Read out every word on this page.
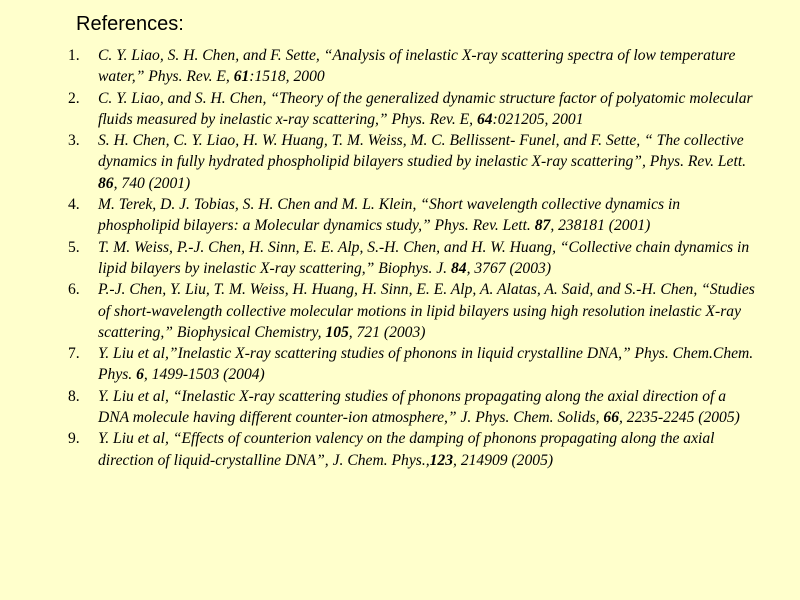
References:
1. C. Y. Liao, S. H. Chen, and F. Sette, “Analysis of inelastic X-ray scattering spectra of low temperature water,” Phys. Rev. E, 61:1518, 2000
2. C. Y. Liao, and S. H. Chen, “Theory of the generalized dynamic structure factor of polyatomic molecular fluids measured by inelastic x-ray scattering,” Phys. Rev. E, 64:021205, 2001
3. S. H. Chen, C. Y. Liao, H. W. Huang, T. M. Weiss, M. C. Bellissent- Funel, and F. Sette, “ The collective dynamics in fully hydrated phospholipid bilayers studied by inelastic X-ray scattering”, Phys. Rev. Lett. 86, 740 (2001)
4. M. Terek, D. J. Tobias, S. H. Chen and M. L. Klein, “Short wavelength collective dynamics in phospholipid bilayers: a Molecular dynamics study,” Phys. Rev. Lett. 87, 238181 (2001)
5. T. M. Weiss, P.-J. Chen, H. Sinn, E. E. Alp, S.-H. Chen, and H. W. Huang, “Collective chain dynamics in lipid bilayers by inelastic X-ray scattering,” Biophys. J. 84, 3767 (2003)
6. P.-J. Chen, Y. Liu, T. M. Weiss, H. Huang, H. Sinn, E. E. Alp, A. Alatas, A. Said, and S.-H. Chen, “Studies of short-wavelength collective molecular motions in lipid bilayers using high resolution inelastic X-ray scattering,” Biophysical Chemistry, 105, 721 (2003)
7. Y. Liu et al,”Inelastic X-ray scattering studies of phonons in liquid crystalline DNA,” Phys. Chem.Chem. Phys. 6, 1499-1503 (2004)
8. Y. Liu et al, “Inelastic X-ray scattering studies of phonons propagating along the axial direction of a DNA molecule having different counter-ion atmosphere,” J. Phys. Chem. Solids, 66, 2235-2245 (2005)
9. Y. Liu et al, “Effects of counterion valency on the damping of phonons propagating along the axial direction of liquid-crystalline DNA”, J. Chem. Phys.,123, 214909 (2005)
